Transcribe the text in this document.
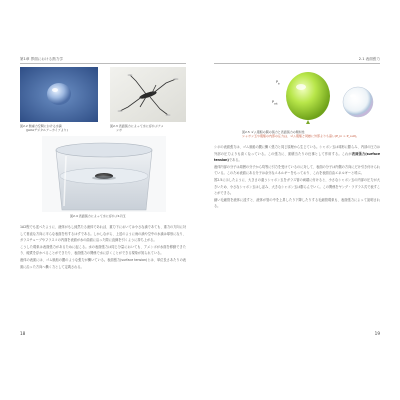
第1章 界面における熱力学
図2.2 無重力空間における水滴
(JAXAデジタルアーカイブより)
図2.3 表面張力によって水に浮かぶアメ
ンボ
図2.4 表面張力によって水に浮かぶ1円玉

1A2程でも述べたように、液体がもし純然たる流体であれば、重力下においては小さな滴であても、重力の方向に対して垂直な方向に平らな表面を有するはずである。しかしながら、上述のように雨の滴や空中の水滴は球形になり、ガラスチューブやフラスコの内面を表面が水の曲面に沿った際に直線を引くように持ち上がる。

こうした現象は表面張力があるために起こる。水の表面張力は同じ分量においても、アメンボが水面を移動できたり、硬貨を浮かべることができたり、表面張力の関係で水に浮くことができる現象が知られている。

液体の表面には、ゴム風船の膜のような張力が働いている。表面張力(surface tension)とは、単位長さあたりの表面に沿った方向へ働く力として定義される。

18
2.1 表面張力
$P_{in}$
$P_{out}$
図2.5 ゴム風船の膜の張力と表面張力の類似性
シャボン玉や風船の内部の圧力は、ゴム風船と同様に外部よりも高い(P_in > P_out)。

シボの表面張力は、ゴム風船の膜に働く張力と同じ原理から生じている。シャボン玉は球形に膨らみ、内部の圧力は外部の圧力よりも高くなっている。この張力に、面積当たりの仕事として作用する。これが表面張力(surface tension)である。

液体内部の分子は周囲の分子から均等に引力を受けているのに対して、表面の分子は内側の方向にだけ引き付けられている。このため表面にある分子は余分なエネルギーをもっており、これを表面自由エネルギーと呼ぶ。

図2.5に示したように、大きさの違うシャボン玉をガラス管の両端に付けると、小さなシャボン玉の内部の圧力が大きいため、小さなシャボン玉はしぼみ、大きなシャボン玉は膨らんでいく。この関係をヤング・ラプラス式で表すことができる。

細い毛細管を液体に浸すと、液体が管の中を上昇したり下降したりする毛細管現象も、表面張力によって説明される。

19
